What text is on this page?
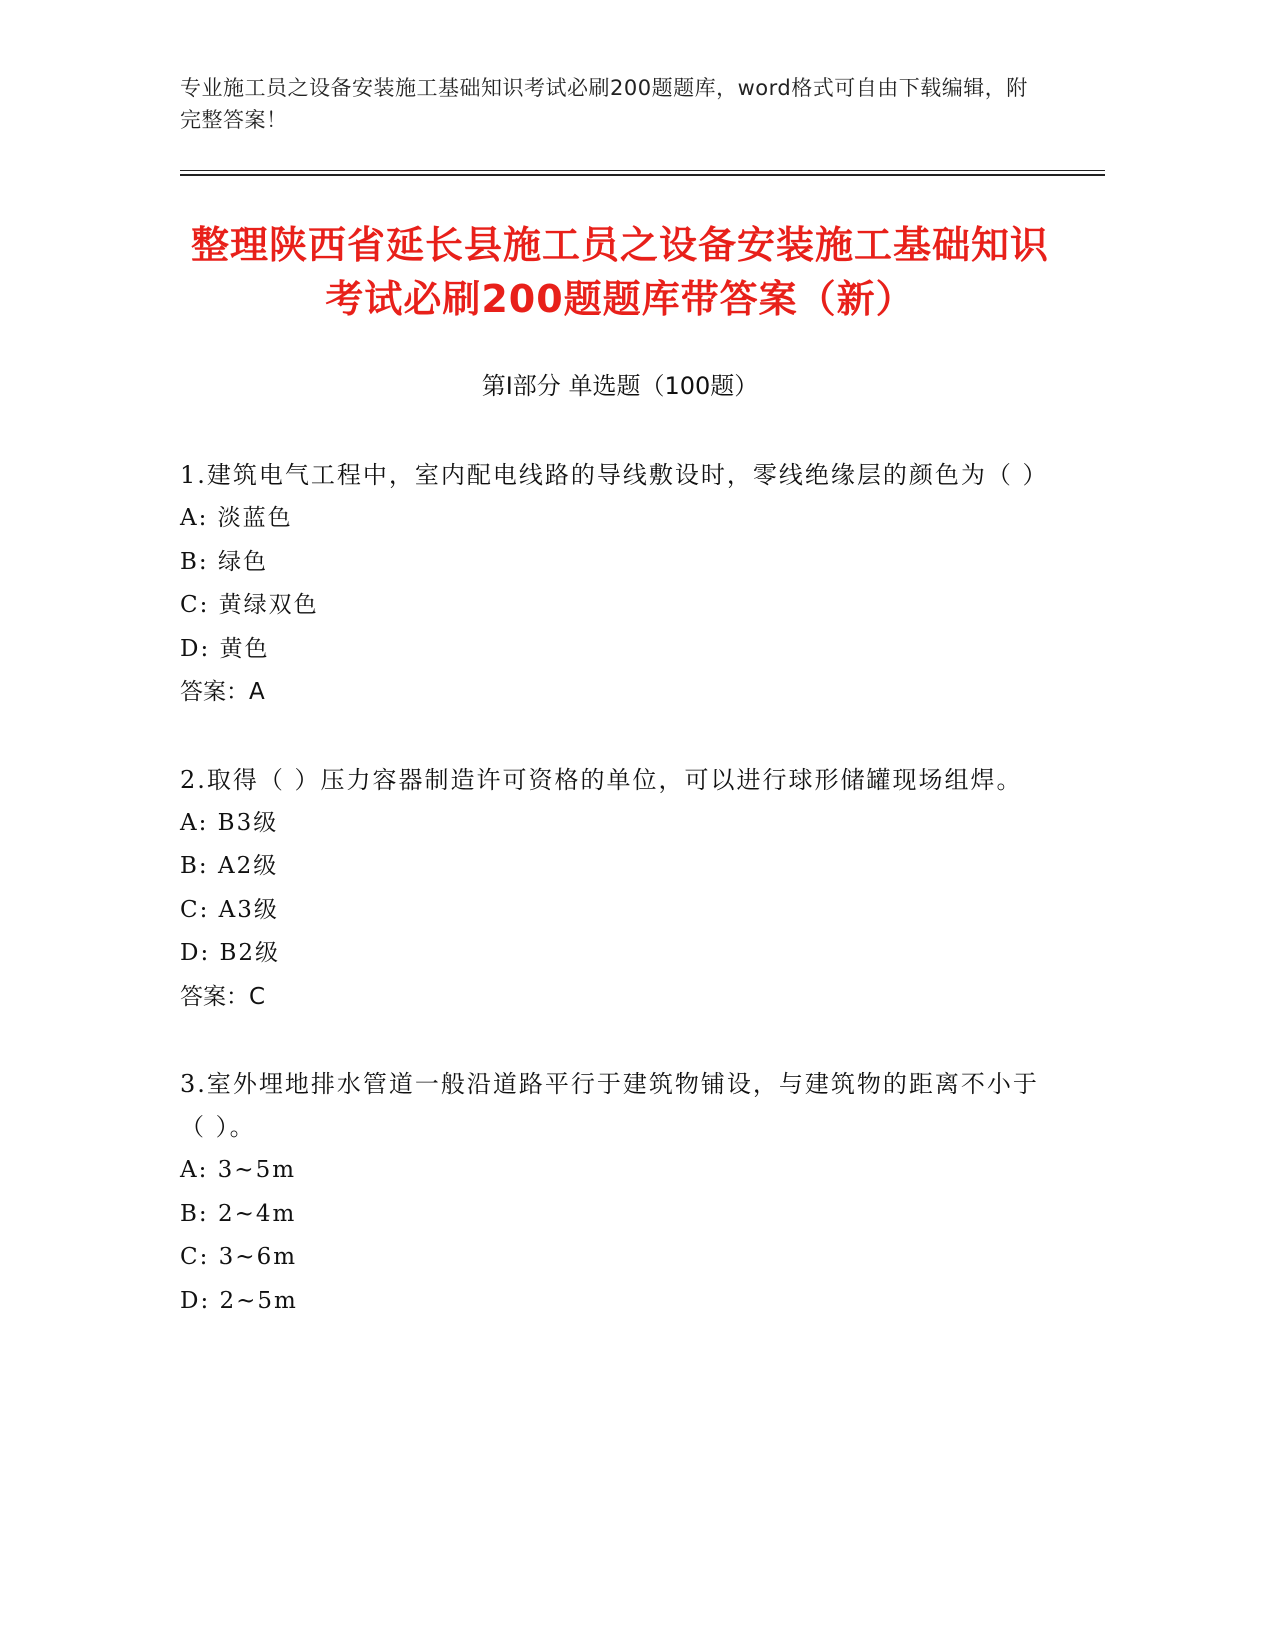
专业施工员之设备安装施工基础知识考试必刷200题题库，word格式可自由下载编辑，附完整答案！
整理陕西省延长县施工员之设备安装施工基础知识考试必刷200题题库带答案（新）
第I部分 单选题（100题）
1.建筑电气工程中，室内配电线路的导线敷设时，零线绝缘层的颜色为（ ）
A: 淡蓝色
B: 绿色
C: 黄绿双色
D: 黄色
答案：A
2.取得（ ）压力容器制造许可资格的单位，可以进行球形储罐现场组焊。
A: B3级
B: A2级
C: A3级
D: B2级
答案：C
3.室外埋地排水管道一般沿道路平行于建筑物铺设，与建筑物的距离不小于（ ）。
A: 3~5m
B: 2~4m
C: 3~6m
D: 2~5m
